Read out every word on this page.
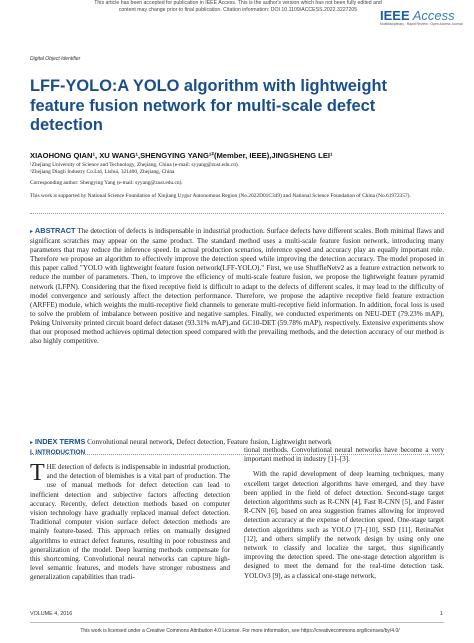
This article has been accepted for publication in IEEE Access. This is the author's version which has not been fully edited and
content may change prior to final publication. Citation information: DOI 10.1109/ACCESS.2022.3227205	IEEE Access
Multidisciplinary : Rapid Review : Open Access Journal
Digital Object Identifier
LFF-YOLO:A YOLO algorithm with lightweight feature fusion network for multi-scale defect detection
XIAOHONG QIAN¹, XU WANG¹,SHENGYING YANG¹²(Member, IEEE),JINGSHENG LEI¹
¹Zhejiang University of Science and Technology, Zhejiang, China (e-mail: syyang@zust.edu.cn).
²Zhejiang Dingli Industry Co.Ltd, Lishui, 321400, Zhejiang, China
Corresponding author: Shengying Yang (e-mail: syyang@zust.edu.cn).
This work is supported by National Science Foundation of Xinjiang Uygur Autonomous Region (No.2022D01C349) and National Science Foundation of China (No.61972357).
▸ ABSTRACT The detection of defects is indispensable in industrial production. Surface defects have different scales. Both minimal flaws and significant scratches may appear on the same product. The standard method uses a multi-scale feature fusion network, introducing many parameters that may reduce the inference speed. In actual production scenarios, inference speed and accuracy play an equally important role. Therefore we propose an algorithm to effectively improve the detection speed while improving the detection accuracy. The model proposed in this paper called "YOLO with lightweight feature fusion network(LFF-YOLO)." First, we use ShuffleNetv2 as a feature extraction network to reduce the number of parameters. Then, to improve the efficiency of multi-scale feature fusion, we propose the lightweight feature pyramid network (LFPN). Considering that the fixed receptive field is difficult to adapt to the defects of different scales, it may lead to the difficulty of model convergence and seriously affect the detection performance. Therefore, we propose the adaptive receptive field feature extraction (ARFFE) module, which weights the multi-receptive field channels to generate multi-receptive field information. In addition, focal loss is used to solve the problem of imbalance between positive and negative samples. Finally, we conducted experiments on NEU-DET (79.23% mAP), Peking University printed circuit board defect dataset (93.31% mAP),and GC10-DET (59.78% mAP), respectively. Extensive experiments show that our proposed method achieves optimal detection speed compared with the prevailing methods, and the detection accuracy of our method is also highly competitive.
▸ INDEX TERMS Convolutional neural network, Defect detection, Feature fusion, Lightweight network
I. INTRODUCTION
T HE detection of defects is indispensable in industrial production, and the detection of blemishes is a vital part of production. The use of manual methods for defect detection can lead to inefficient detection and subjective factors affecting detection accuracy. Recently, defect detection methods based on computer vision technology have gradually replaced manual defect detection. Traditional computer vision surface defect detection methods are mainly feature-based. This approach relies on manually designed algorithms to extract defect features, resulting in poor robustness and generalization of the model. Deep learning methods compensate for this shortcoming. Convolutional neural networks can capture high-level semantic features, and models have stronger robustness and generalization capabilities than tradi-
tional methods. Convolutional neural networks have become a very important method in industry [1]–[3].
With the rapid development of deep learning techniques, many excellent target detection algorithms have emerged, and they have been applied in the field of defect detection. Second-stage target detection algorithms such as R-CNN [4], Fast R-CNN [5], and Faster R-CNN [6], based on area suggestion frames allowing for improved detection accuracy at the expense of detection speed. One-stage target detection algorithms such as YOLO [7]–[10], SSD [11], RetinaNet [12], and others simplify the network design by using only one network to classify and localize the target, thus significantly improving the detection speed. The one-stage detection algorithm is designed to meet the demand for the real-time detection task. YOLOv3 [9], as a classical one-stage network,
VOLUME 4, 2016	1
This work is licensed under a Creative Commons Attribution 4.0 License. For more information, see https://creativecommons.org/licenses/by/4.0/
